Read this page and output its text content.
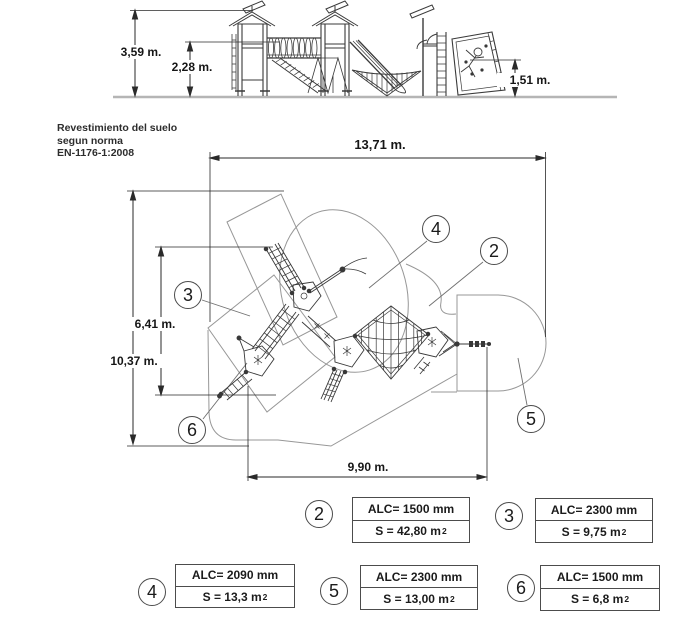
Revestimiento del suelo
segun norma
EN-1176-1:2008
3,59 m.
2,28 m.
1,51 m.
13,71 m.
10,37 m.
6,41 m.
9,90 m.
2
3
4
5
6
2	ALC= 1500 mm
S = 42,80 m 2
3	ALC= 2300 mm
S = 9,75 m 2
4
ALC= 2090 mm
S = 13,3 m 2	5
ALC= 2300 mm
S = 13,00 m 2
6
ALC= 1500 mm
S = 6,8 m 2
